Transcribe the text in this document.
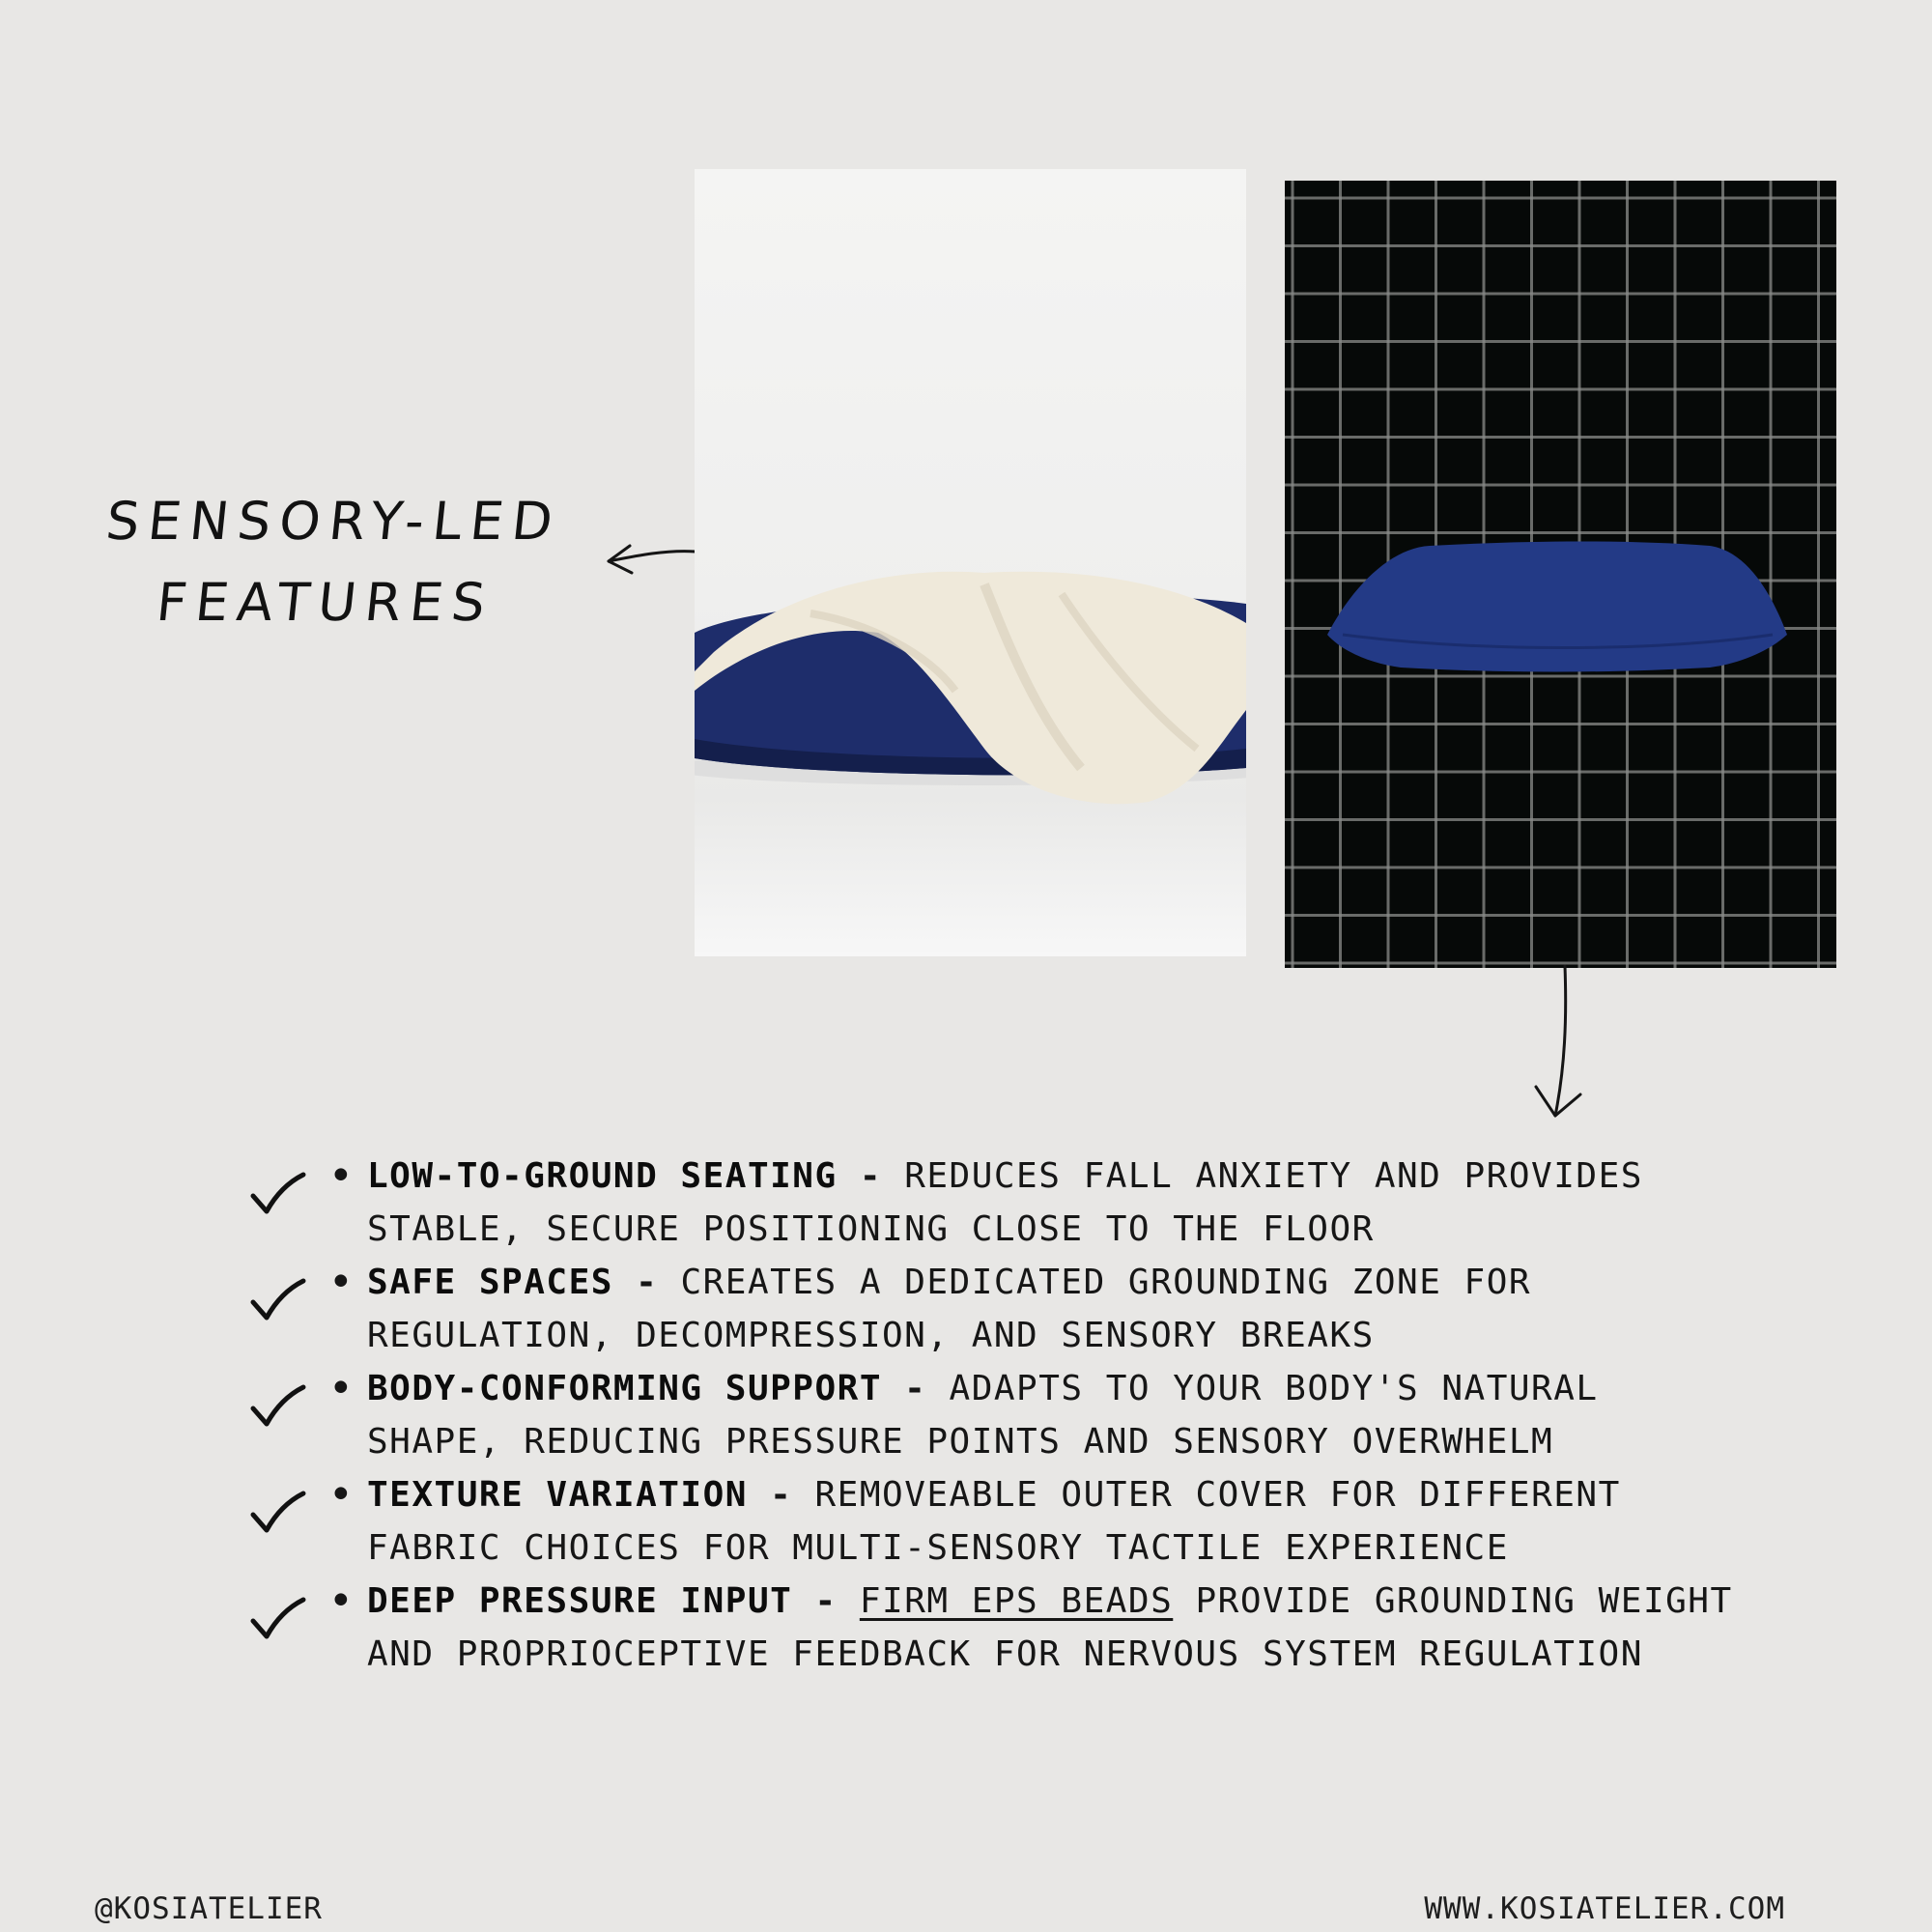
SENSORY-LED
FEATURES
• LOW-TO-GROUND SEATING - REDUCES FALL ANXIETY AND PROVIDES STABLE, SECURE POSITIONING CLOSE TO THE FLOOR
• SAFE SPACES - CREATES A DEDICATED GROUNDING ZONE FOR REGULATION, DECOMPRESSION, AND SENSORY BREAKS
• BODY-CONFORMING SUPPORT - ADAPTS TO YOUR BODY'S NATURAL SHAPE, REDUCING PRESSURE POINTS AND SENSORY OVERWHELM
• TEXTURE VARIATION - REMOVEABLE OUTER COVER FOR DIFFERENT FABRIC CHOICES FOR MULTI-SENSORY TACTILE EXPERIENCE
• DEEP PRESSURE INPUT - FIRM EPS BEADS PROVIDE GROUNDING WEIGHT AND PROPRIOCEPTIVE FEEDBACK FOR NERVOUS SYSTEM REGULATION
@KOSIATELIER	WWW.KOSIATELIER.COM
